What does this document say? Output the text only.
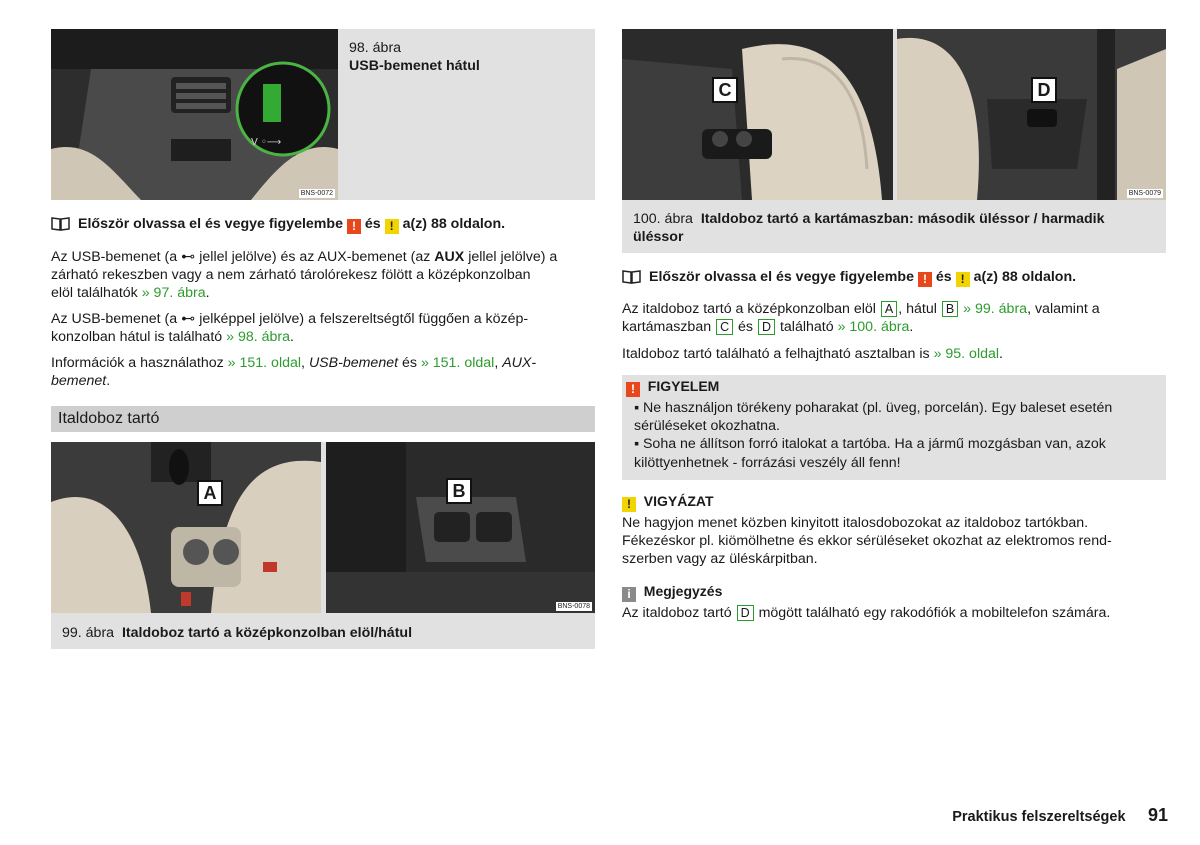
V ◦⟶
BNS-0072
98. ábra
USB-bemenet hátul
Először olvassa el és vegye figyelembe ! és ! a(z) 88 oldalon.

Az USB-bemenet (a ⊷ jellel jelölve) és az AUX-bemenet (az AUX jellel jelölve) a

zárható rekeszben vagy a nem zárható tárolórekesz fölött a középkonzolban

elöl találhatók » 97. ábra.

Az USB-bemenet (a ⊷ jelképpel jelölve) a felszereltségtől függően a közép-

konzolban hátul is található » 98. ábra.

Információk a használathoz » 151. oldal, USB-bemenet és » 151. oldal, AUX-

bemenet.

Italdoboz tartó
A	B
BNS-0078
99. ábra Italdoboz tartó a középkonzolban elöl/hátul
C	D
BNS-0079

100. ábra Italdoboz tartó a kartámaszban: második üléssor / harmadik

üléssor

Először olvassa el és vegye figyelembe ! és ! a(z) 88 oldalon.

Az italdoboz tartó a középkonzolban elöl A , hátul B » 99. ábra, valamint a

kartámaszban C és D található » 100. ábra.

Italdoboz tartó található a felhajtható asztalban is » 95. oldal.

! FIGYELEM

▪ Ne használjon törékeny poharakat (pl. üveg, porcelán). Egy baleset esetén

sérüléseket okozhatna.

▪ Soha ne állítson forró italokat a tartóba. Ha a jármű mozgásban van, azok

kilöttyenhetnek - forrázási veszély áll fenn!

! VIGYÁZAT

Ne hagyjon menet közben kinyitott italosdobozokat az italdoboz tartókban.

Fékezéskor pl. kiömölhetne és ekkor sérüléseket okozhat az elektromos rend-

szerben vagy az üléskárpitban.

i Megjegyzés

Az italdoboz tartó D mögött található egy rakodófiók a mobiltelefon számára.

Praktikus felszereltségek 91
